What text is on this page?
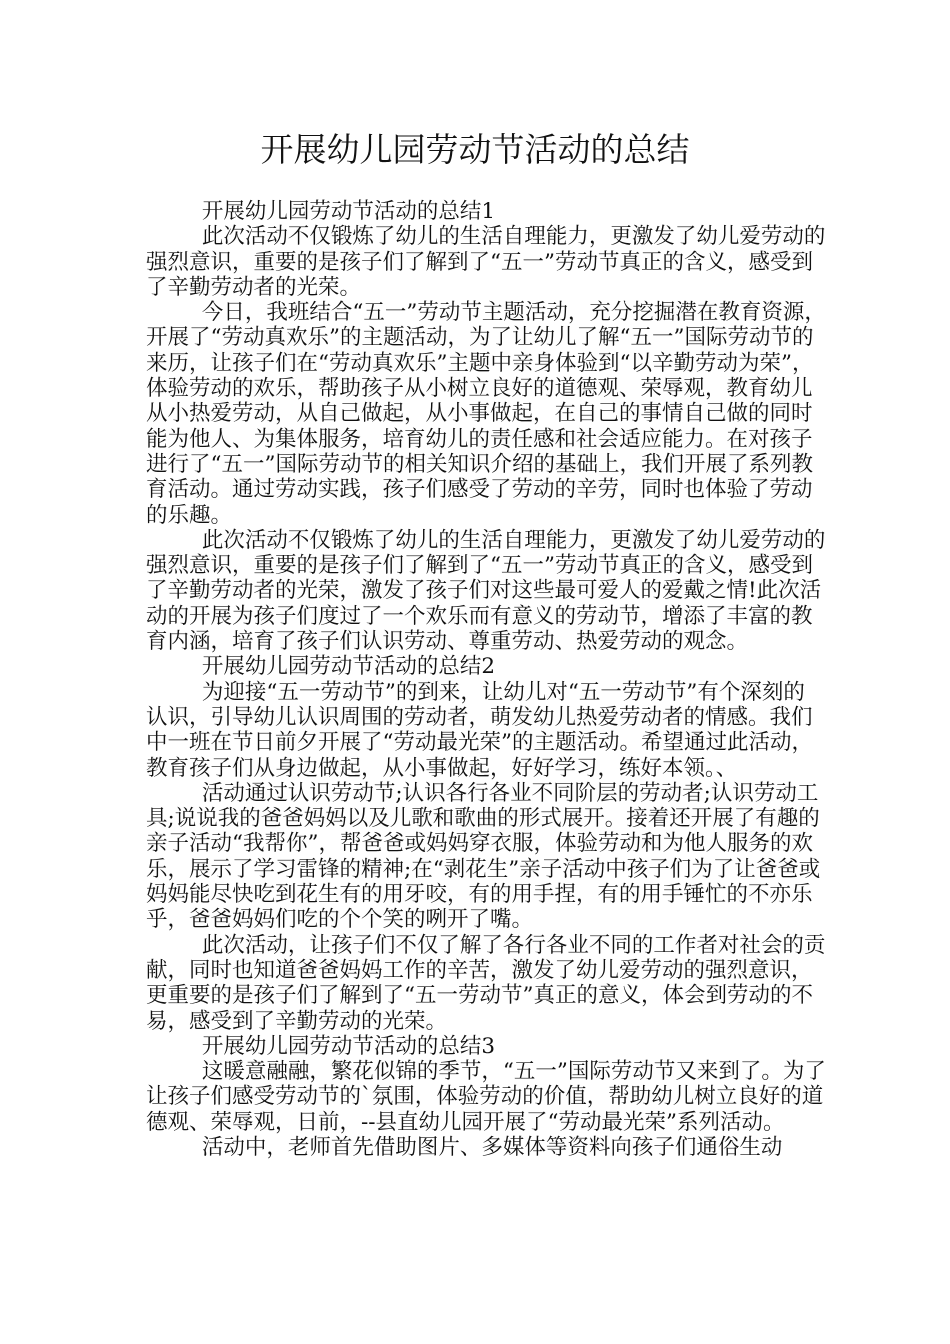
开展幼儿园劳动节活动的总结

开展幼儿园劳动节活动的总结1

此次活动不仅锻炼了幼儿的生活自理能力，更激发了幼儿爱劳动的强烈意识，重要的是孩子们了解到了“五一”劳动节真正的含义，感受到了辛勤劳动者的光荣。

今日，我班结合“五一”劳动节主题活动，充分挖掘潜在教育资源，开展了“劳动真欢乐”的主题活动，为了让幼儿了解“五一”国际劳动节的来历，让孩子们在“劳动真欢乐”主题中亲身体验到“以辛勤劳动为荣”，体验劳动的欢乐，帮助孩子从小树立良好的道德观、荣辱观，教育幼儿从小热爱劳动，从自己做起，从小事做起，在自己的事情自己做的同时能为他人、为集体服务，培育幼儿的责任感和社会适应能力。在对孩子进行了“五一”国际劳动节的相关知识介绍的基础上，我们开展了系列教育活动。通过劳动实践，孩子们感受了劳动的辛劳，同时也体验了劳动的乐趣。

此次活动不仅锻炼了幼儿的生活自理能力，更激发了幼儿爱劳动的强烈意识，重要的是孩子们了解到了“五一”劳动节真正的含义，感受到了辛勤劳动者的光荣，激发了孩子们对这些最可爱人的爱戴之情!此次活动的开展为孩子们度过了一个欢乐而有意义的劳动节，增添了丰富的教育内涵，培育了孩子们认识劳动、尊重劳动、热爱劳动的观念。

开展幼儿园劳动节活动的总结2

为迎接“五一劳动节”的到来，让幼儿对“五一劳动节”有个深刻的认识，引导幼儿认识周围的劳动者，萌发幼儿热爱劳动者的情感。我们中一班在节日前夕开展了“劳动最光荣”的主题活动。希望通过此活动，教育孩子们从身边做起，从小事做起，好好学习，练好本领。、

活动通过认识劳动节;认识各行各业不同阶层的劳动者;认识劳动工具;说说我的爸爸妈妈以及儿歌和歌曲的形式展开。接着还开展了有趣的亲子活动“我帮你”，帮爸爸或妈妈穿衣服，体验劳动和为他人服务的欢乐，展示了学习雷锋的精神;在“剥花生”亲子活动中孩子们为了让爸爸或妈妈能尽快吃到花生有的用牙咬，有的用手捏，有的用手锤忙的不亦乐乎，爸爸妈妈们吃的个个笑的咧开了嘴。

此次活动，让孩子们不仅了解了各行各业不同的工作者对社会的贡献，同时也知道爸爸妈妈工作的辛苦，激发了幼儿爱劳动的强烈意识，更重要的是孩子们了解到了“五一劳动节”真正的意义，体会到劳动的不易，感受到了辛勤劳动的光荣。

开展幼儿园劳动节活动的总结3

这暖意融融，繁花似锦的季节，“五一”国际劳动节又来到了。为了让孩子们感受劳动节的`氛围，体验劳动的价值，帮助幼儿树立良好的道德观、荣辱观，日前，--县直幼儿园开展了“劳动最光荣”系列活动。

活动中，老师首先借助图片、多媒体等资料向孩子们通俗生动
